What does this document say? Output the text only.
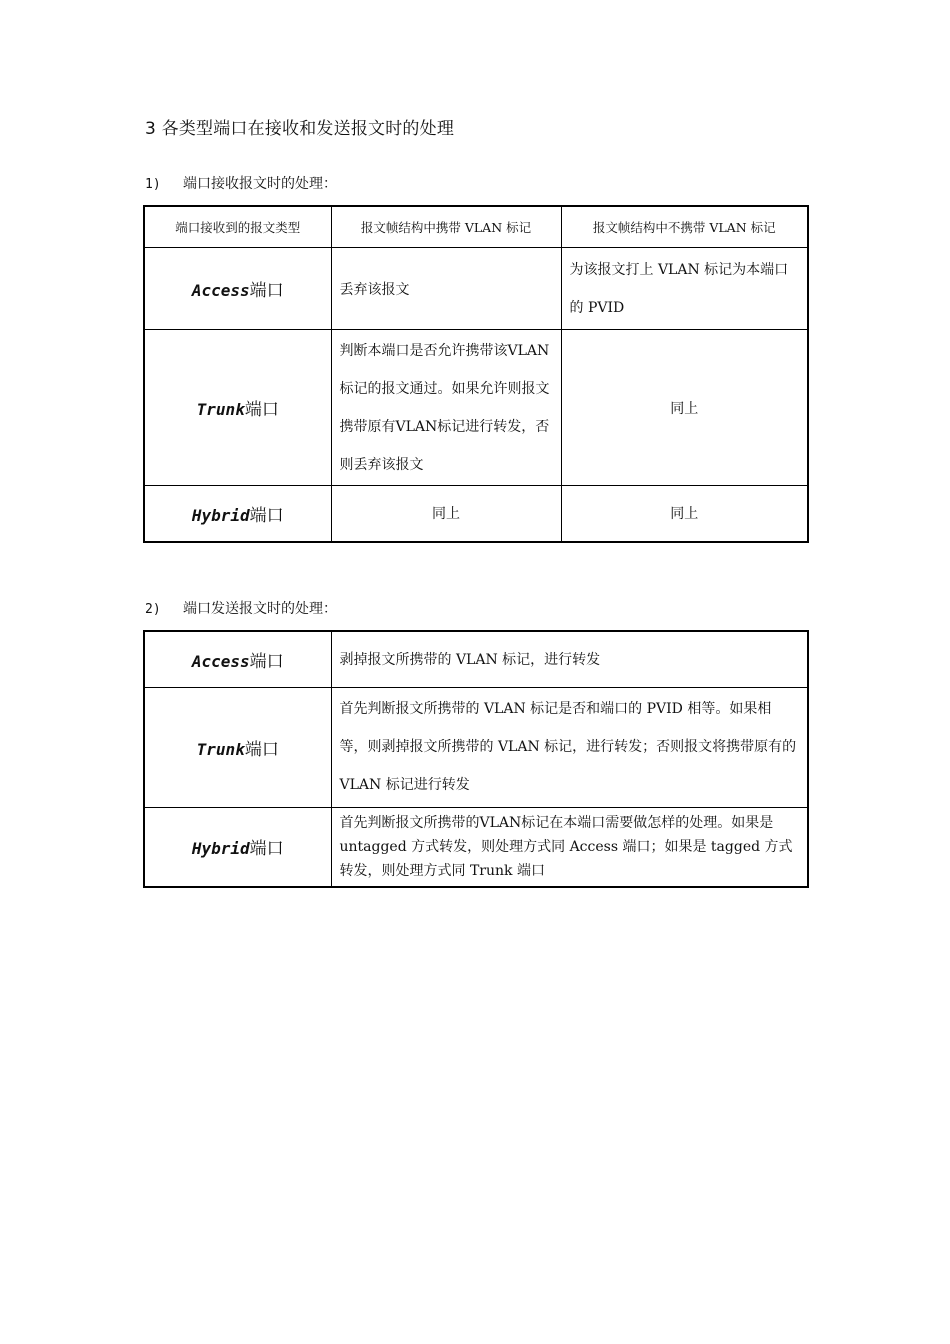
3 各类型端口在接收和发送报文时的处理

1) 端口接收报文时的处理：

端口接收到的报文类型	报文帧结构中携带 VLAN 标记	报文帧结构中不携带 VLAN 标记
Access端口	丢弃该报文	为该报文打上 VLAN 标记为本端口的 PVID
Trunk端口	判断本端口是否允许携带该VLAN标记的报文通过。如果允许则报文携带原有VLAN标记进行转发，否则丢弃该报文	同上
Hybrid端口	同上	同上

2) 端口发送报文时的处理：

Access端口	剥掉报文所携带的 VLAN 标记，进行转发
Trunk端口	首先判断报文所携带的 VLAN 标记是否和端口的 PVID 相等。如果相等，则剥掉报文所携带的 VLAN 标记，进行转发；否则报文将携带原有的 VLAN 标记进行转发
Hybrid端口	首先判断报文所携带的VLAN标记在本端口需要做怎样的处理。如果是 untagged 方式转发，则处理方式同 Access 端口；如果是 tagged 方式转发，则处理方式同 Trunk 端口
